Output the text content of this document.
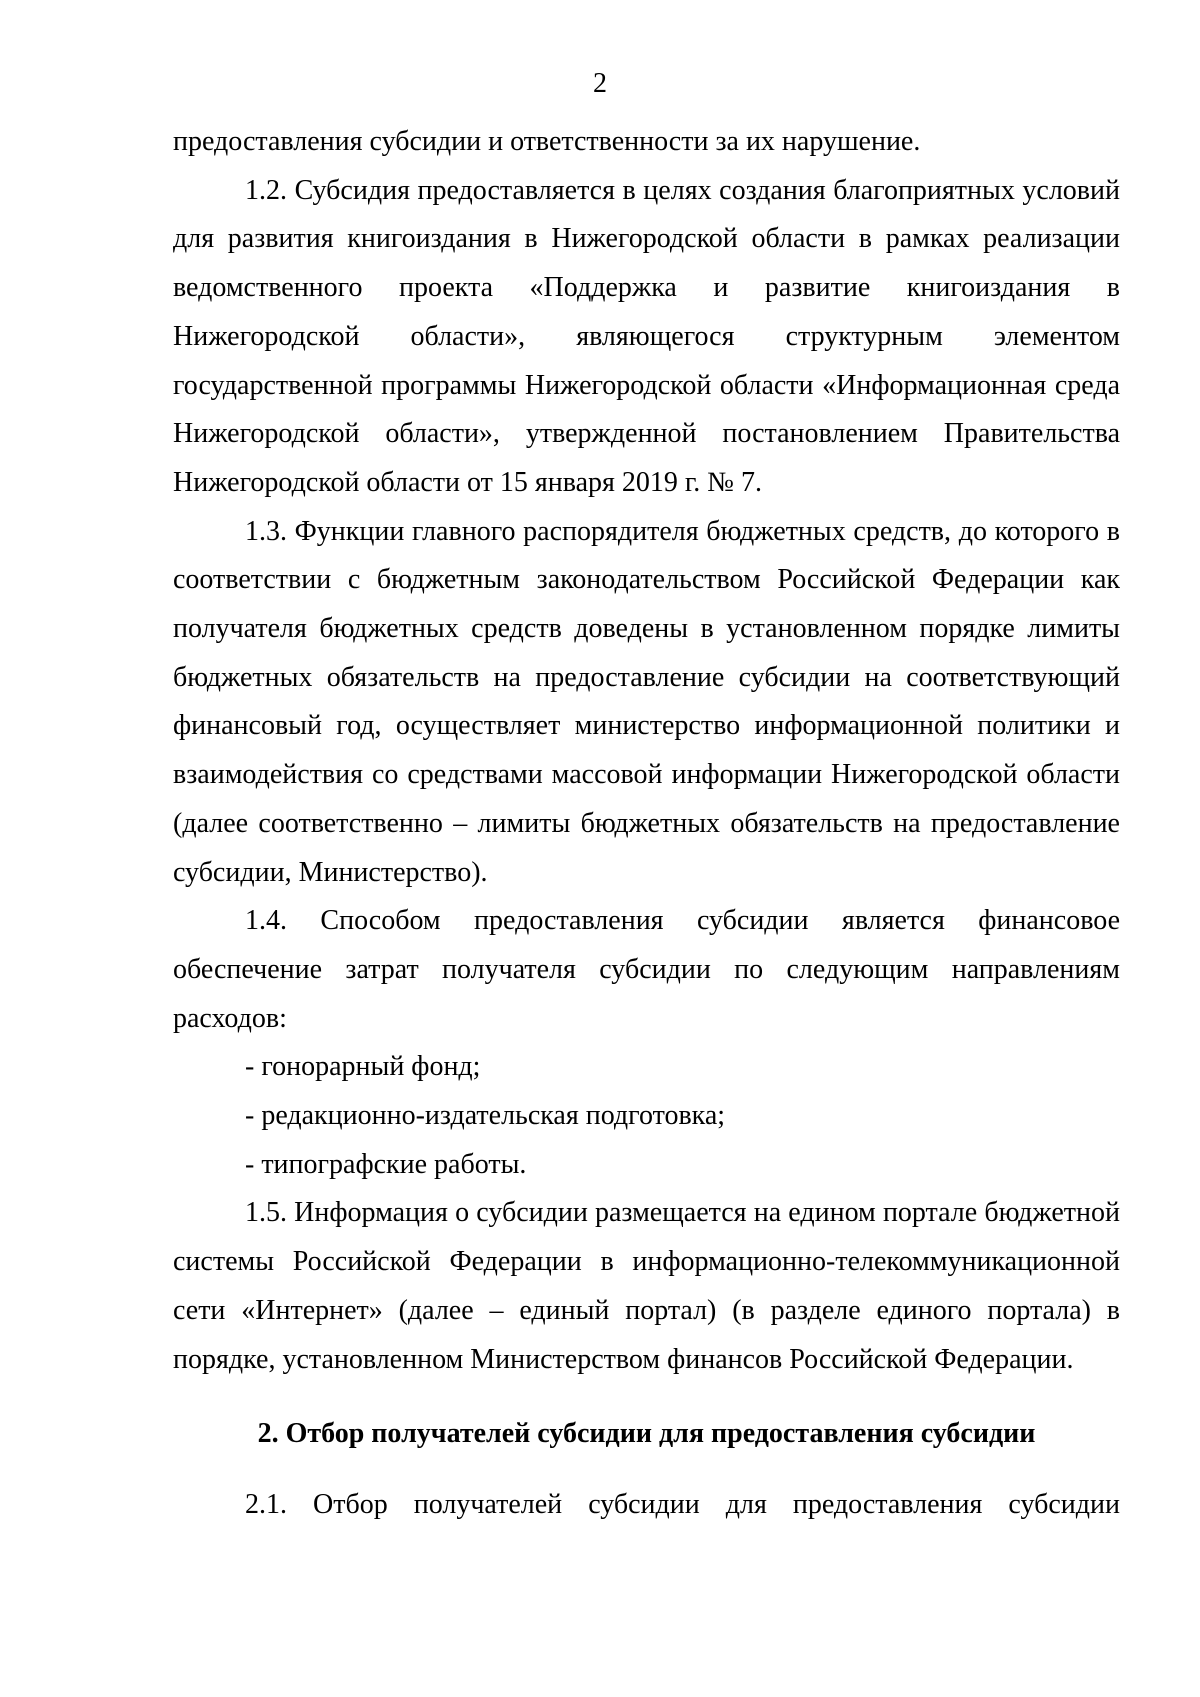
2

предоставления субсидии и ответственности за их нарушение.

1.2. Субсидия предоставляется в целях создания благоприятных условий для развития книгоиздания в Нижегородской области в рамках реализации ведомственного проекта «Поддержка и развитие книгоиздания в Нижегородской области», являющегося структурным элементом государственной программы Нижегородской области «Информационная среда Нижегородской области», утвержденной постановлением Правительства Нижегородской области от 15 января 2019 г. № 7.

1.3. Функции главного распорядителя бюджетных средств, до которого в соответствии с бюджетным законодательством Российской Федерации как получателя бюджетных средств доведены в установленном порядке лимиты бюджетных обязательств на предоставление субсидии на соответствующий финансовый год, осуществляет министерство информационной политики и взаимодействия со средствами массовой информации Нижегородской области (далее соответственно – лимиты бюджетных обязательств на предоставление субсидии, Министерство).

1.4. Способом предоставления субсидии является финансовое обеспечение затрат получателя субсидии по следующим направлениям расходов:

- гонорарный фонд;

- редакционно-издательская подготовка;

- типографские работы.

1.5. Информация о субсидии размещается на едином портале бюджетной системы Российской Федерации в информационно-телекоммуникационной сети «Интернет» (далее – единый портал) (в разделе единого портала) в порядке, установленном Министерством финансов Российской Федерации.

2. Отбор получателей субсидии для предоставления субсидии

2.1. Отбор получателей субсидии для предоставления субсидии
